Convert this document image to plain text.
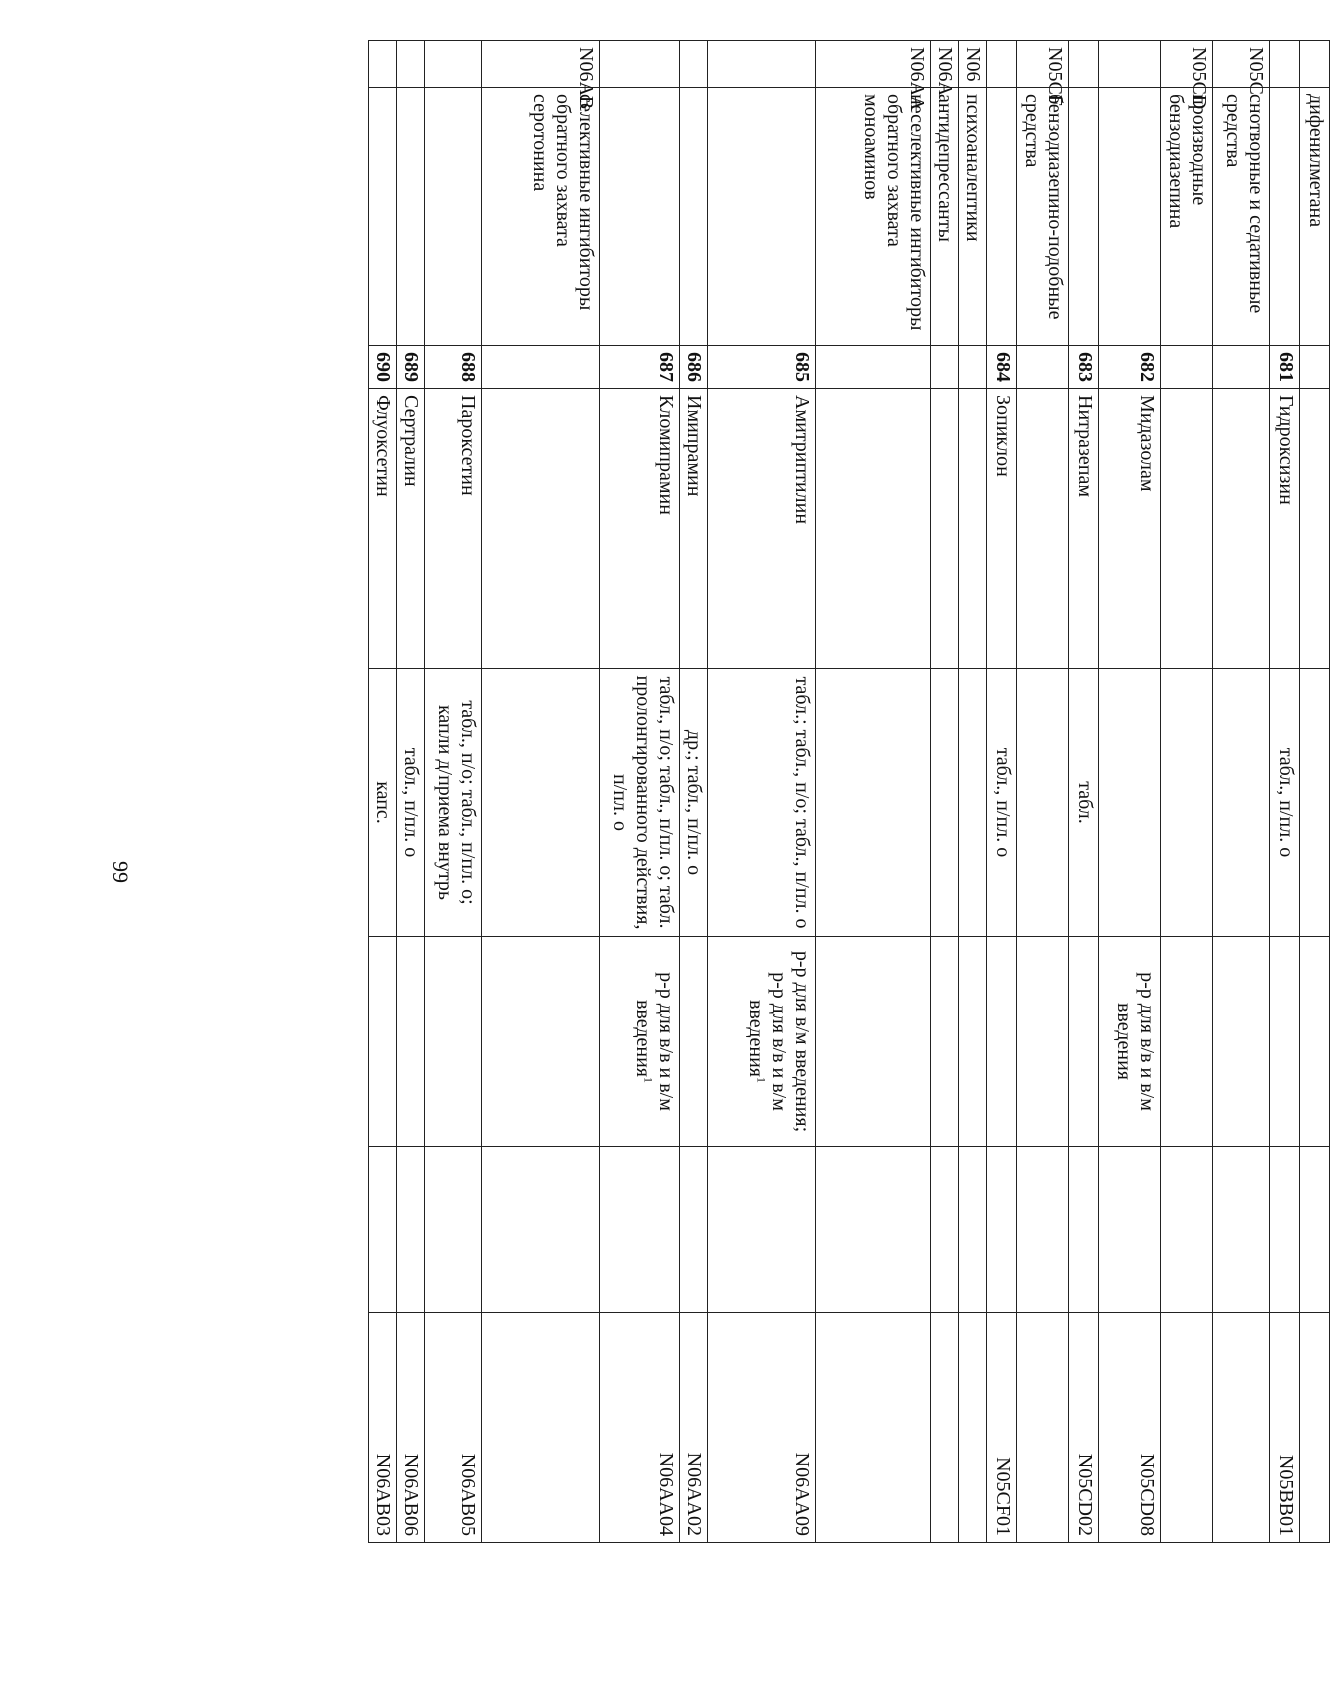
99
	дифенилметана						
		681	Гидроксизин	табл., п/пл. о			N05BB01
N05C	снотворные и седативные средства						
N05CD	производные бензодиазепина						
		682	Мидазолам		р-р для в/в и в/м введения		N05CD08
		683	Нитразепам	табл.			N05CD02
N05CF	бензодиазепино-подобные средства						
		684	Зопиклон	табл., п/пл. о			N05CF01
N06	психоаналептики						
N06A	антидепрессанты						
N06AA	неселективные ингибиторы обратного захвата моноаминов						
		685	Амитриптилин	табл.; табл., п/о; табл., п/пл. о	р-р для в/м введения; р-р для в/в и в/м введения$^1$		N06AA09
		686	Имипрамин	др.; табл., п/пл. о			N06AA02
		687	Кломипрамин	табл., п/о; табл., п/пл. о; табл. пролонгированного действия, п/пл. о	р-р для в/в и в/м введения$^1$		N06AA04
N06AB	селективные ингибиторы обратного захвата серотонина						
		688	Пароксетин	табл., п/о; табл., п/пл. о; капли д/приема внутрь			N06AB05
		689	Сертралин	табл., п/пл. о			N06AB06
		690	Флуоксетин	капс.			N06AB03
